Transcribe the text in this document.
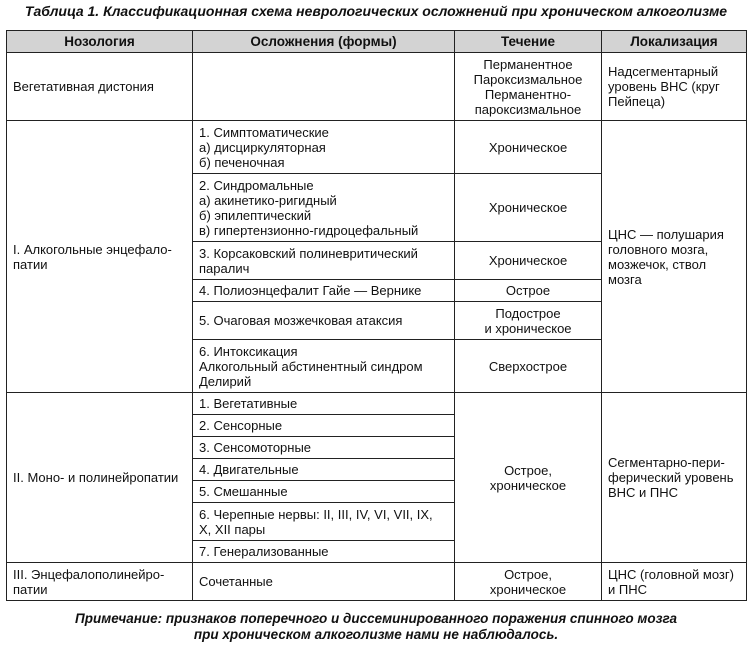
Таблица 1. Классификационная схема неврологических осложнений при хроническом алкоголизме
Нозология	Осложнения (формы)	Течение	Локализация

Вегетативная дистония		Перманентное
Пароксизмальное
Перманентно-
пароксизмальное	Надсегментарный уровень ВНС (круг Пейпеца)

I. Алкогольные энцефало-
патии	1. Симптоматические
а) дисциркуляторная
б) печеночная	Хроническое	ЦНС — полушария головного мозга, мозжечок, ствол мозга

	2. Синдромальные
а) акинетико-ригидный
б) эпилептический
в) гипертензионно-гидроцефальный	Хроническое	

	3. Корсаковский полиневритический
паралич	Хроническое	

	4. Полиоэнцефалит Гайе — Вернике	Острое	

	5. Очаговая мозжечковая атаксия	Подострое
и хроническое	

	6. Интоксикация
Алкогольный абстинентный синдром
Делирий	Сверхострое	

II. Моно- и полинейропатии	1. Вегетативные	Острое,
хроническое	Сегментарно-пери-
ферический уровень
ВНС и ПНС

	2. Сенсорные		

	3. Сенсомоторные		

	4. Двигательные		

	5. Смешанные		

	6. Черепные нервы: II, III, IV, VI, VII, IX,
X, XII пары		

	7. Генерализованные		

III. Энцефалополинейро-
патии	Сочетанные	Острое,
хроническое	ЦНС (головной мозг)
и ПНС
Примечание: признаков поперечного и диссеминированного поражения спинного мозга
при хроническом алкоголизме нами не наблюдалось.
